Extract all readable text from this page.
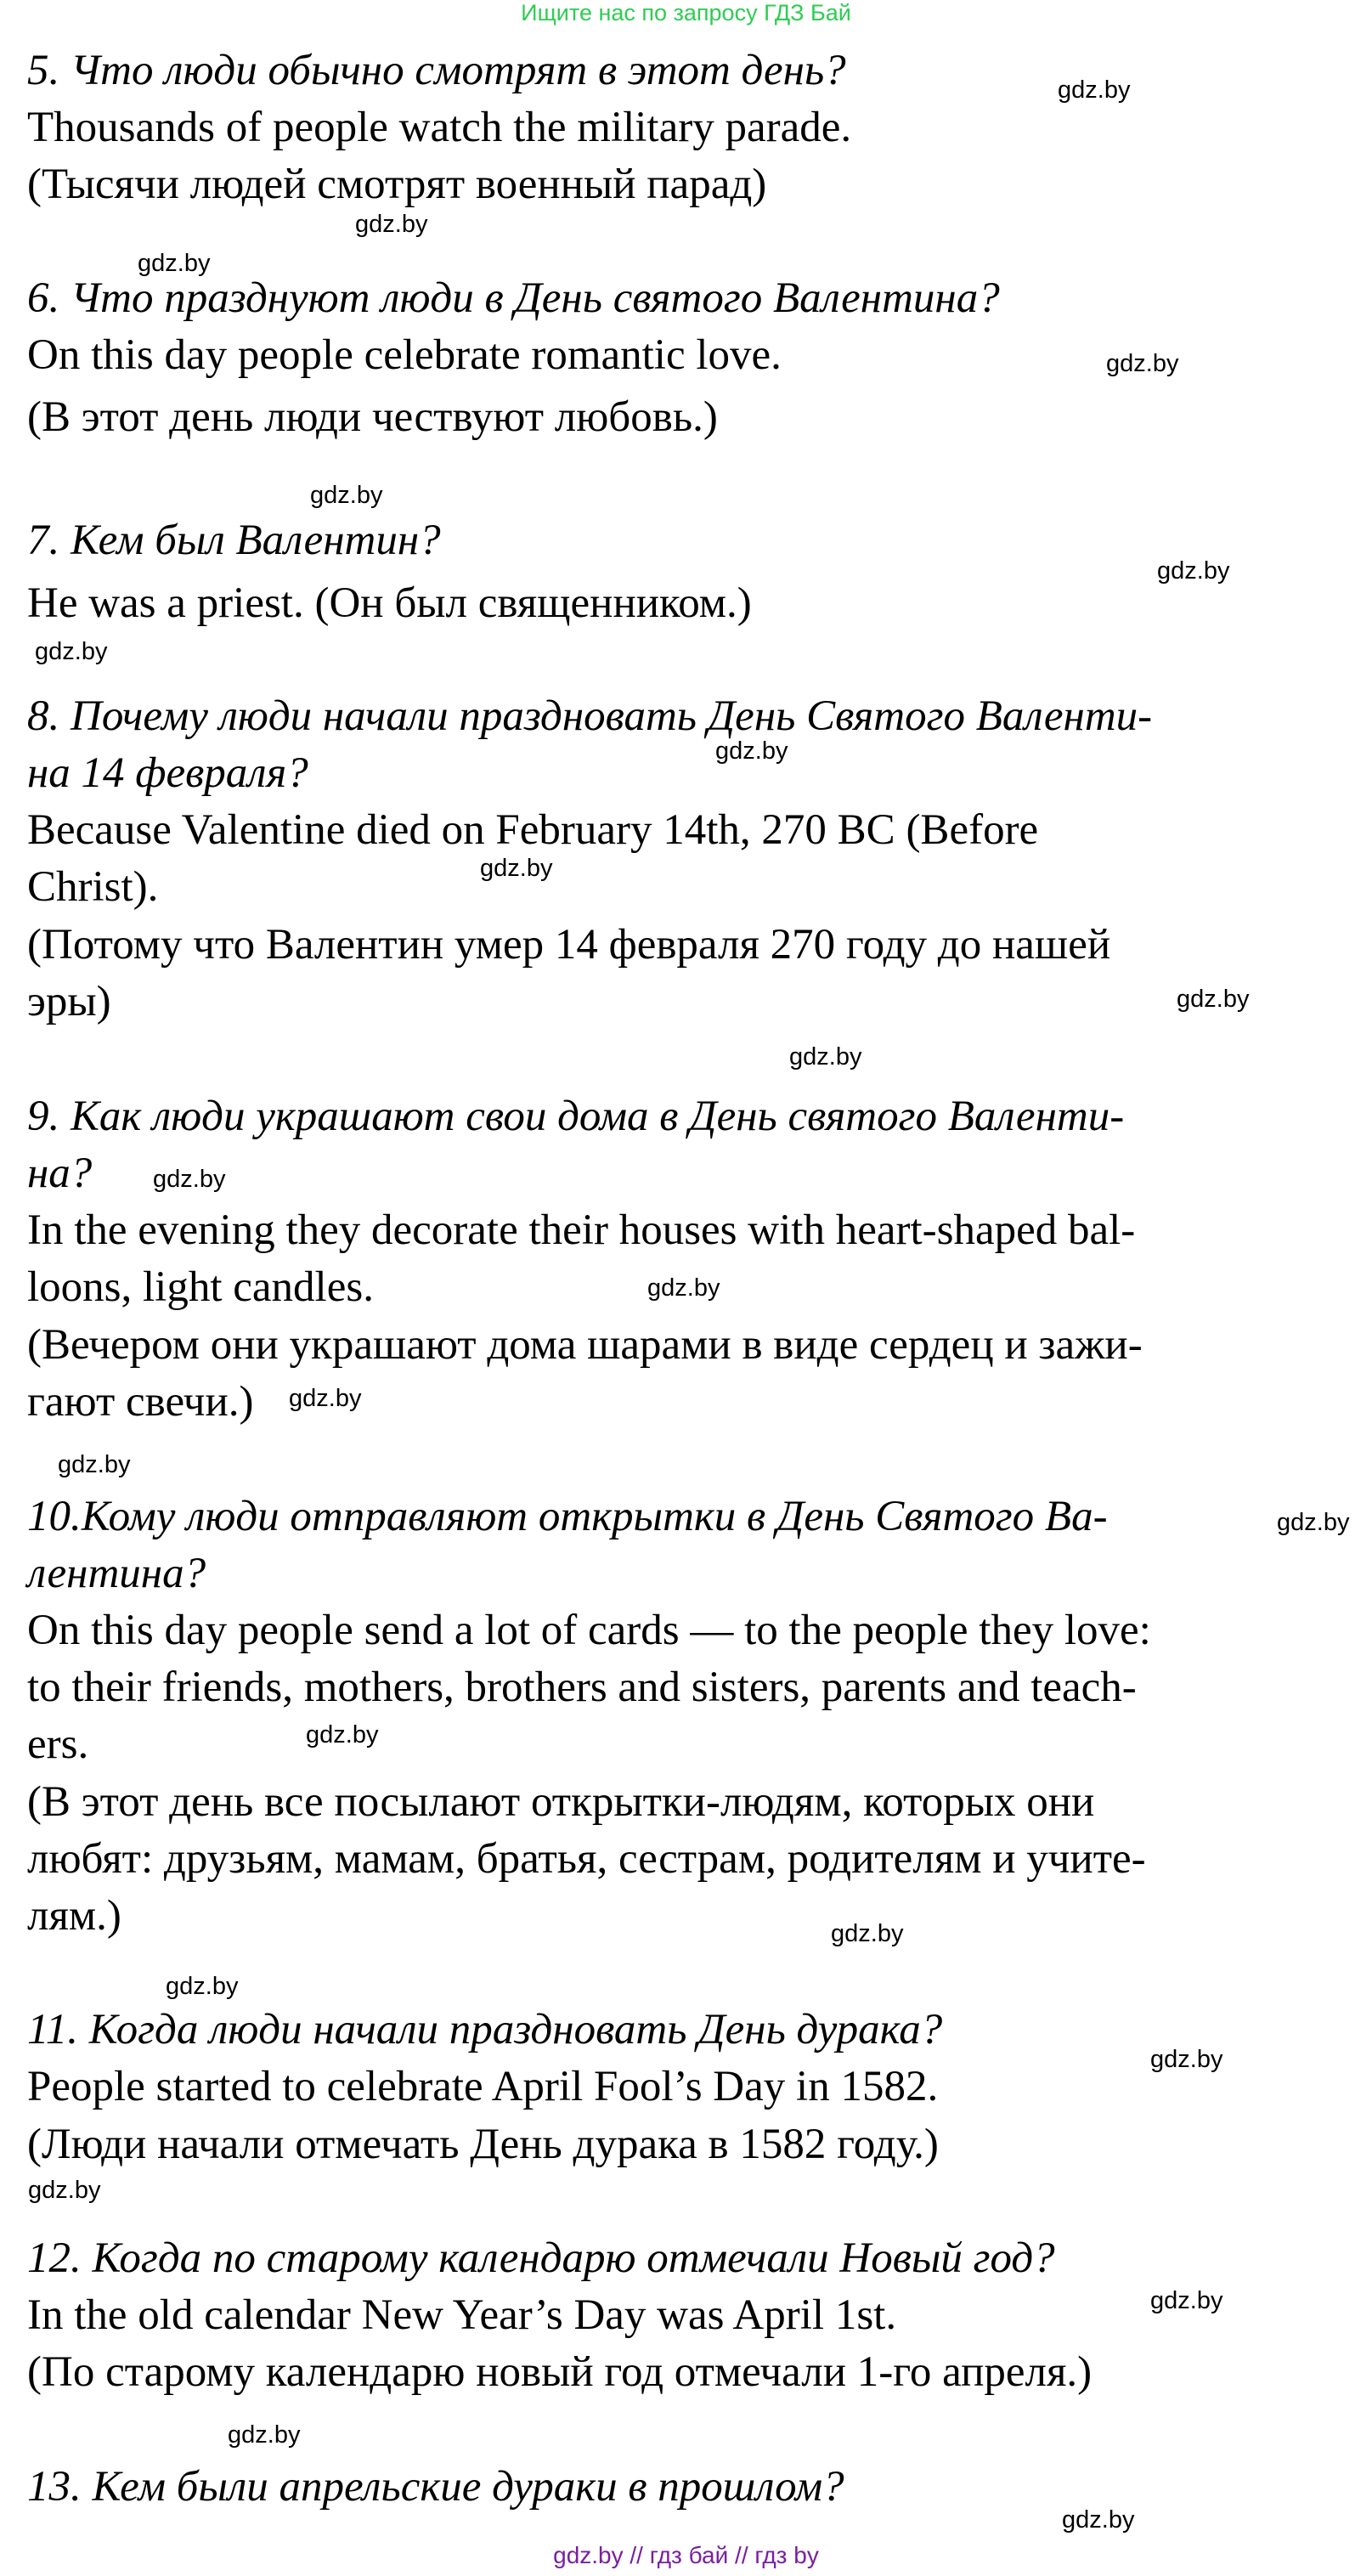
Ищите нас по запросу ГДЗ Бай
5. Что люди обычно смотрят в этот день?
Thousands of people watch the military parade.
(Тысячи людей смотрят военный парад)
6. Что празднуют люди в День святого Валентина?
On this day people celebrate romantic love.
(В этот день люди чествуют любовь.)
7. Кем был Валентин?
He was a priest. (Он был священником.)
8. Почему люди начали праздновать День Святого Валенти-
на 14 февраля?
Because Valentine died on February 14th, 270 BC (Before
Christ).
(Потому что Валентин умер 14 февраля 270 году до нашей
эры)
9. Как люди украшают свои дома в День святого Валенти-
на?
In the evening they decorate their houses with heart-shaped bal-
loons, light candles.
(Вечером они украшают дома шарами в виде сердец и зажи-
гают свечи.)
10.Кому люди отправляют открытки в День Святого Ва-
лентина?
On this day people send a lot of cards — to the people they love:
to their friends, mothers, brothers and sisters, parents and teach-
ers.
(В этот день все посылают открытки-людям, которых они
любят: друзьям, мамам, братья, сестрам, родителям и учите-
лям.)
11. Когда люди начали праздновать День дурака?
People started to celebrate April Fool’s Day in 1582.
(Люди начали отмечать День дурака в 1582 году.)
12. Когда по старому календарю отмечали Новый год?
In the old calendar New Year’s Day was April 1st.
(По старому календарю новый год отмечали 1-го апреля.)
13. Кем были апрельские дураки в прошлом?
gdz.by
gdz.by
gdz.by
gdz.by
gdz.by
gdz.by
gdz.by
gdz.by
gdz.by
gdz.by
gdz.by
gdz.by
gdz.by
gdz.by
gdz.by
gdz.by
gdz.by
gdz.by
gdz.by
gdz.by
gdz.by
gdz.by
gdz.by
gdz.by
gdz.by // гдз бай // гдз by
